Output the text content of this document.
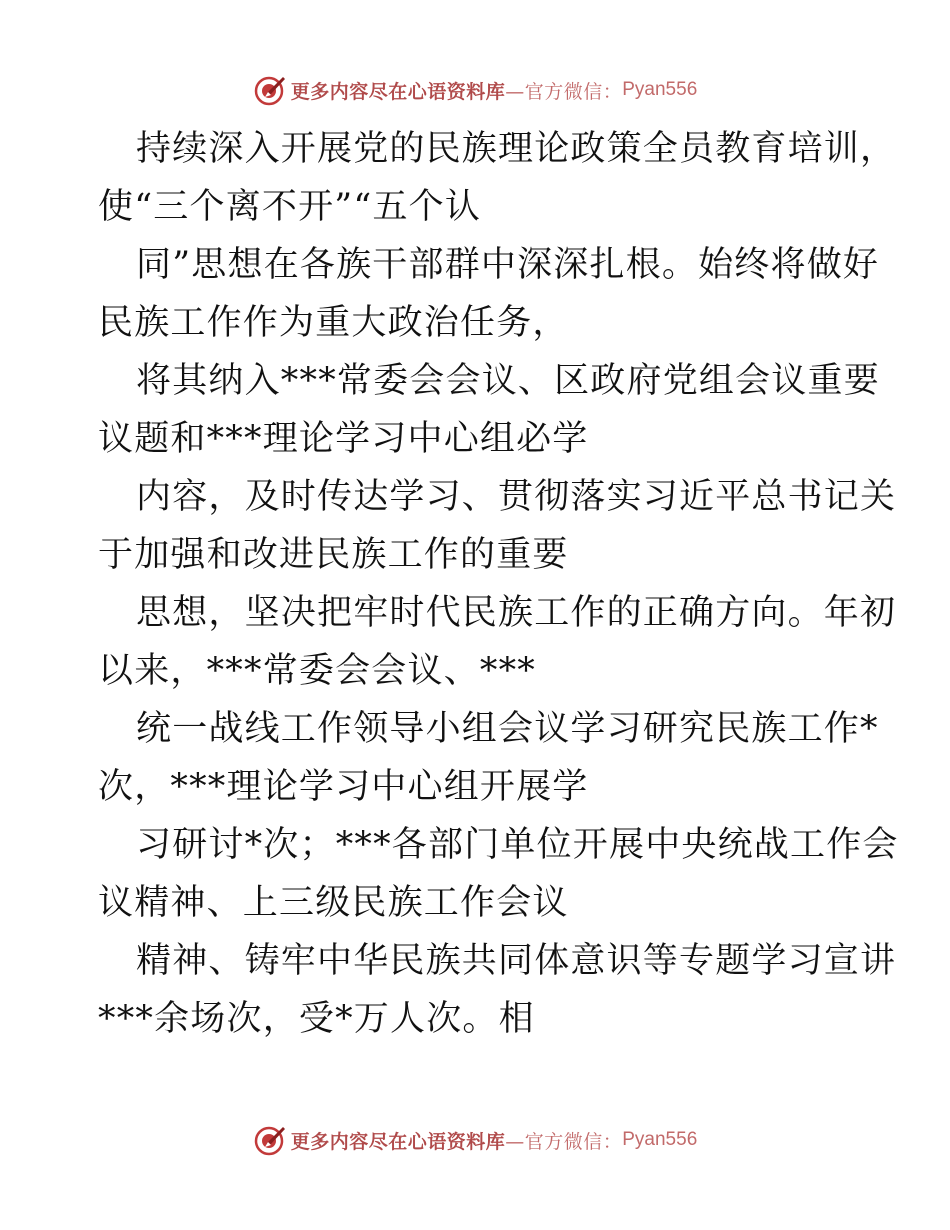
更多内容尽在心语资料库 —官方微信： Pyan556
持续深入开展党的民族理论政策全员教育培训，
使“三个离不开”“五个认
同”思想在各族干部群中深深扎根。始终将做好
民族工作作为重大政治任务，
将其纳入***常委会会议、区政府党组会议重要
议题和***理论学习中心组必学
内容，及时传达学习、贯彻落实习近平总书记关
于加强和改进民族工作的重要
思想，坚决把牢时代民族工作的正确方向。年初
以来，***常委会会议、***
统一战线工作领导小组会议学习研究民族工作*
次，***理论学习中心组开展学
习研讨*次；***各部门单位开展中央统战工作会
议精神、上三级民族工作会议
精神、铸牢中华民族共同体意识等专题学习宣讲
***余场次，受*万人次。相
更多内容尽在心语资料库 —官方微信： Pyan556
